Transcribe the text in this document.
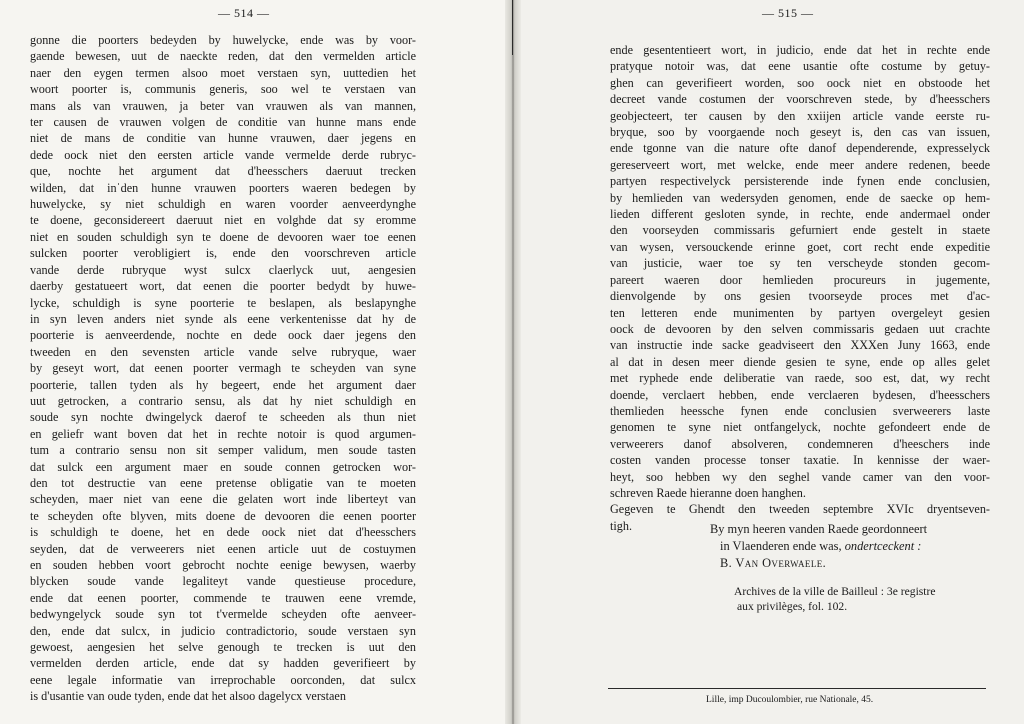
— 514 —
gonne die poorters bedeyden by huwelycke, ende was by voor-
gaende bewesen, uut de naeckte reden, dat den vermelden article
naer den eygen termen alsoo moet verstaen syn, uuttedien het
woort poorter is, communis generis, soo wel te verstaen van
mans als van vrauwen, ja beter van vrauwen als van mannen,
ter causen de vrauwen volgen de conditie van hunne mans ende
niet de mans de conditie van hunne vrauwen, daer jegens en
dede oock niet den eersten article vande vermelde derde rubryc-
que, nochte het argument dat d'heesschers daeruut trecken
wilden, dat inˈden hunne vrauwen poorters waeren bedegen by
huwelycke, sy niet schuldigh en waren voorder aenveerdynghe
te doene, geconsidereert daeruut niet en volghde dat sy eromme
niet en souden schuldigh syn te doene de devooren waer toe eenen
sulcken poorter verobligiert is, ende den voorschreven article
vande derde rubryque wyst sulcx claerlyck uut, aengesien
daerby gestatueert wort, dat eenen die poorter bedydt by huwe-
lycke, schuldigh is syne poorterie te beslapen, als beslapynghe
in syn leven anders niet synde als eene verkentenisse dat hy de
poorterie is aenveerdende, nochte en dede oock daer jegens den
tweeden en den sevensten article vande selve rubryque, waer
by geseyt wort, dat eenen poorter vermagh te scheyden van syne
poorterie, tallen tyden als hy begeert, ende het argument daer
uut getrocken, a contrario sensu, als dat hy niet schuldigh en
soude syn nochte dwingelyck daerof te scheeden als thun niet
en geliefr want boven dat het in rechte notoir is quod argumen-
tum a contrario sensu non sit semper validum, men soude tasten
dat sulck een argument maer en soude connen getrocken wor-
den tot destructie van eene pretense obligatie van te moeten
scheyden, maer niet van eene die gelaten wort inde liberteyt van
te scheyden ofte blyven, mits doene de devooren die eenen poorter
is schuldigh te doene, het en dede oock niet dat d'heesschers
seyden, dat de verweerers niet eenen article uut de costuymen
en souden hebben voort gebrocht nochte eenige bewysen, waerby
blycken soude vande legaliteyt vande questieuse procedure,
ende dat eenen poorter, commende te trauwen eene vremde,
bedwyngelyck soude syn tot t'vermelde scheyden ofte aenveer-
den, ende dat sulcx, in judicio contradictorio, soude verstaen syn
gewoest, aengesien het selve genough te trecken is uut den
vermelden derden article, ende dat sy hadden geverifieert by
eene legale informatie van irreprochable oorconden, dat sulcx
is d'usantie van oude tyden, ende dat het alsoo dagelycx verstaen
— 515 —
ende gesententieert wort, in judicio, ende dat het in rechte ende
pratyque notoir was, dat eene usantie ofte costume by getuy-
ghen can geverifieert worden, soo oock niet en obstoode het
decreet vande costumen der voorschreven stede, by d'heesschers
geobjecteert, ter causen by den xxiijen article vande eerste ru-
bryque, soo by voorgaende noch geseyt is, den cas van issuen,
ende tgonne van die nature ofte danof dependerende, expresselyck
gereserveert wort, met welcke, ende meer andere redenen, beede
partyen respectivelyck persisterende inde fynen ende conclusien,
by hemlieden van wedersyden genomen, ende de saecke op hem-
lieden different gesloten synde, in rechte, ende andermael onder
den voorseyden commissaris gefurniert ende gestelt in staete
van wysen, versouckende erinne goet, cort recht ende expeditie
van justicie, waer toe sy ten verscheyde stonden gecom-
pareert waeren door hemlieden procureurs in jugemente,
dienvolgende by ons gesien tvoorseyde proces met d'ac-
ten letteren ende munimenten by partyen overgeleyt gesien
oock de devooren by den selven commissaris gedaen uut crachte
van instructie inde sacke geadviseert den XXXen Juny 1663, ende
al dat in desen meer diende gesien te syne, ende op alles gelet
met ryphede ende deliberatie van raede, soo est, dat, wy recht
doende, verclaert hebben, ende verclaeren bydesen, d'heesschers
themlieden heessche fynen ende conclusien sverweerers laste
genomen te syne niet ontfangelyck, nochte gefondeert ende de
verweerers danof absolveren, condemneren d'heeschers inde
costen vanden processe tonser taxatie. In kennisse der waer-
heyt, soo hebben wy den seghel vande camer van den voor-
schreven Raede hieranne doen hanghen.
Gegeven te Ghendt den tweeden septembre XVIc dryentseven-
tigh.	By myn heeren vanden Raede geordonneert
in Vlaenderen ende was, ondertceckent :
B. Van Overwaele.
Archives de la ville de Bailleul : 3e registre
aux privilèges, fol. 102.
Lille, imp Ducoulombier, rue Nationale, 45.
